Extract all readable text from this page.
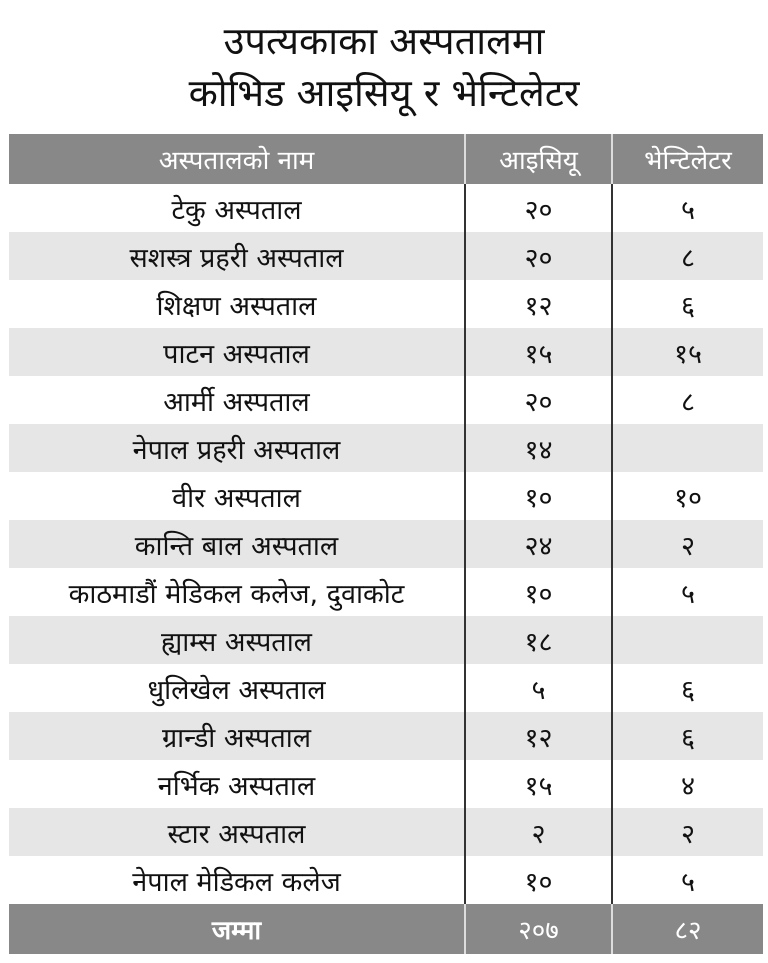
उपत्यकाका अस्पतालमा
कोभिड आइसियू र भेन्टिलेटर
अस्पतालको नाम	आइसियू	भेन्टिलेटर
टेकु अस्पताल	२०	५
सशस्त्र प्रहरी अस्पताल	२०	८
शिक्षण अस्पताल	१२	६
पाटन अस्पताल	१५	१५
आर्मी अस्पताल	२०	८
नेपाल प्रहरी अस्पताल	१४	
वीर अस्पताल	१०	१०
कान्ति बाल अस्पताल	२४	२
काठमाडौं मेडिकल कलेज, दुवाकोट	१०	५
ह्याम्स अस्पताल	१८	
धुलिखेल अस्पताल	५	६
ग्रान्डी अस्पताल	१२	६
नर्भिक अस्पताल	१५	४
स्टार अस्पताल	२	२
नेपाल मेडिकल कलेज	१०	५
जम्मा	२०७	८२
